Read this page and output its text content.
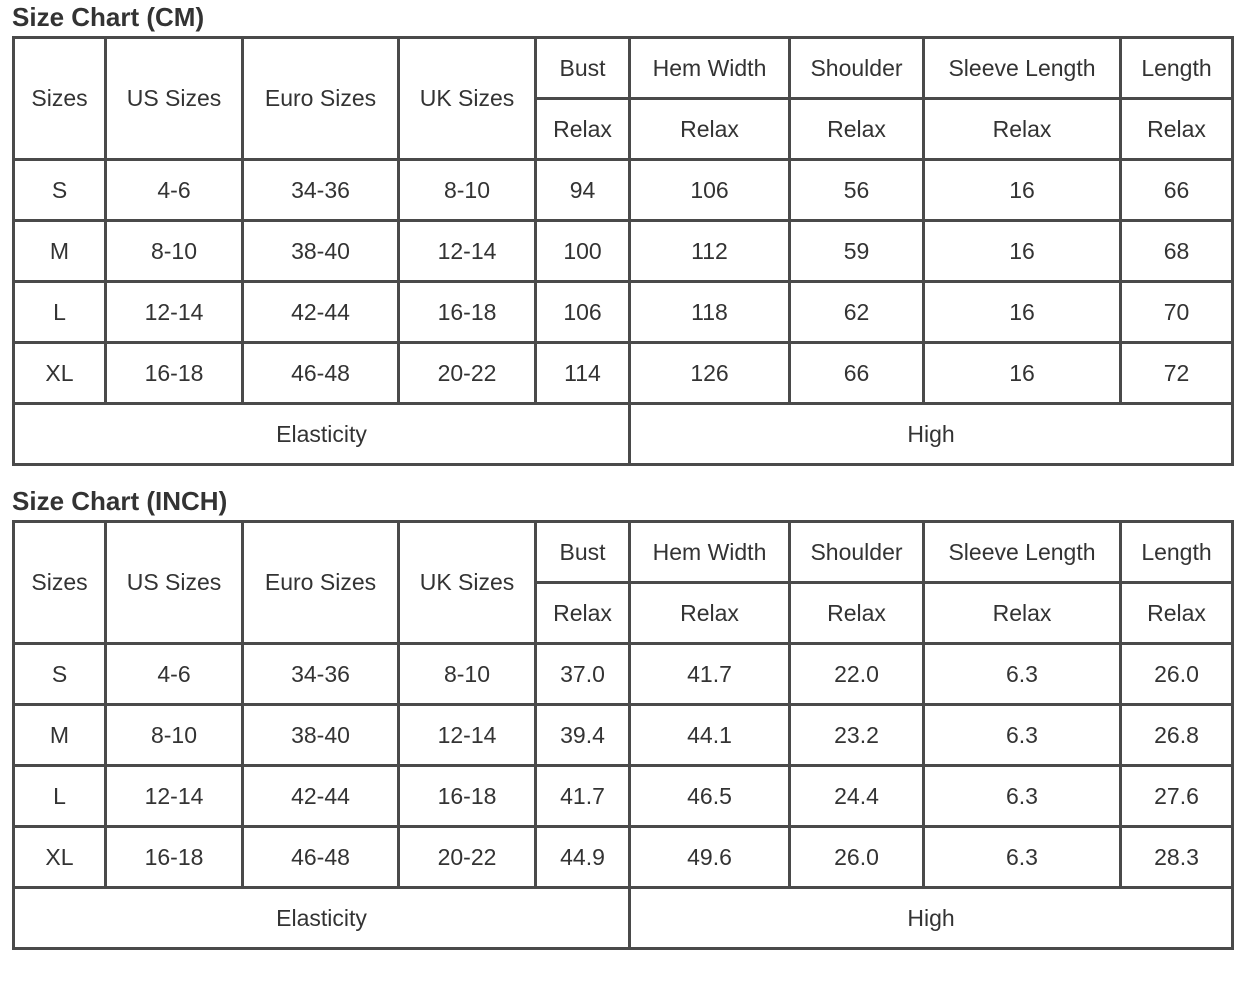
Size Chart (CM)
Sizes	US Sizes	Euro Sizes	UK Sizes	Bust	Hem Width	Shoulder	Sleeve Length	Length
				Relax	Relax	Relax	Relax	Relax
S	4-6	34-36	8-10	94	106	56	16	66
M	8-10	38-40	12-14	100	112	59	16	68
L	12-14	42-44	16-18	106	118	62	16	70
XL	16-18	46-48	20-22	114	126	66	16	72
Elasticity					High			
Size Chart (INCH)
Sizes	US Sizes	Euro Sizes	UK Sizes	Bust	Hem Width	Shoulder	Sleeve Length	Length
				Relax	Relax	Relax	Relax	Relax
S	4-6	34-36	8-10	37.0	41.7	22.0	6.3	26.0
M	8-10	38-40	12-14	39.4	44.1	23.2	6.3	26.8
L	12-14	42-44	16-18	41.7	46.5	24.4	6.3	27.6
XL	16-18	46-48	20-22	44.9	49.6	26.0	6.3	28.3
Elasticity					High			
